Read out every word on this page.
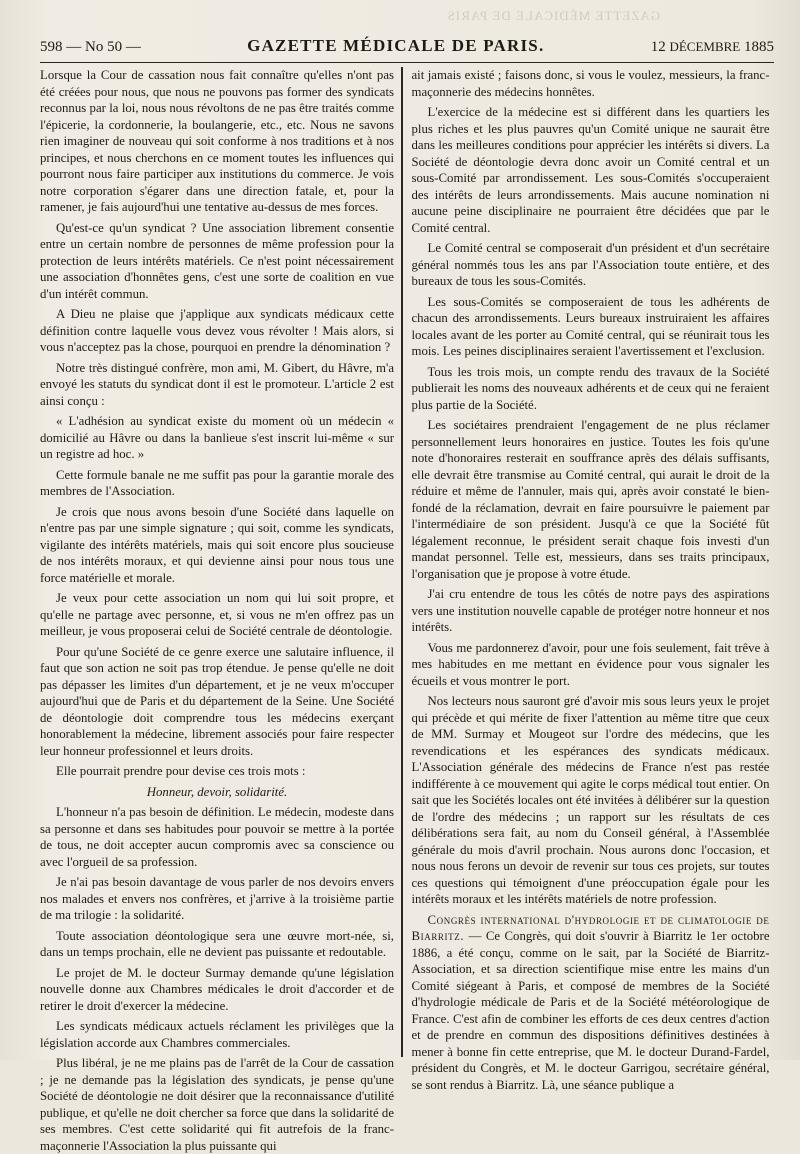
GAZETTE MÉDICALE DE PARIS
598 — No 50 —	GAZETTE MÉDICALE DE PARIS.	12 DÉCEMBRE 1885

Lorsque la Cour de cassation nous fait connaître qu'elles n'ont pas été créées pour nous, que nous ne pouvons pas former des syndicats reconnus par la loi, nous nous révoltons de ne pas être traités comme l'épicerie, la cordonnerie, la boulangerie, etc., etc. Nous ne savons rien imaginer de nouveau qui soit conforme à nos traditions et à nos principes, et nous cherchons en ce moment toutes les influences qui pourront nous faire participer aux institutions du commerce. Je vois notre corporation s'égarer dans une direction fatale, et, pour la ramener, je fais aujourd'hui une tentative au-dessus de mes forces.

Qu'est-ce qu'un syndicat ? Une association librement consentie entre un certain nombre de personnes de même profession pour la protection de leurs intérêts matériels. Ce n'est point nécessairement une association d'honnêtes gens, c'est une sorte de coalition en vue d'un intérêt commun.

A Dieu ne plaise que j'applique aux syndicats médicaux cette définition contre laquelle vous devez vous révolter ! Mais alors, si vous n'acceptez pas la chose, pourquoi en prendre la dénomination ?

Notre très distingué confrère, mon ami, M. Gibert, du Hâvre, m'a envoyé les statuts du syndicat dont il est le promoteur. L'article 2 est ainsi conçu :

« L'adhésion au syndicat existe du moment où un médecin « domicilié au Hâvre ou dans la banlieue s'est inscrit lui-même « sur un registre ad hoc. »

Cette formule banale ne me suffit pas pour la garantie morale des membres de l'Association.

Je crois que nous avons besoin d'une Société dans laquelle on n'entre pas par une simple signature ; qui soit, comme les syndicats, vigilante des intérêts matériels, mais qui soit encore plus soucieuse de nos intérêts moraux, et qui devienne ainsi pour nous tous une force matérielle et morale.

Je veux pour cette association un nom qui lui soit propre, et qu'elle ne partage avec personne, et, si vous ne m'en offrez pas un meilleur, je vous proposerai celui de Société centrale de déontologie.

Pour qu'une Société de ce genre exerce une salutaire influence, il faut que son action ne soit pas trop étendue. Je pense qu'elle ne doit pas dépasser les limites d'un département, et je ne veux m'occuper aujourd'hui que de Paris et du département de la Seine. Une Société de déontologie doit comprendre tous les médecins exerçant honorablement la médecine, librement associés pour faire respecter leur honneur professionnel et leurs droits.

Elle pourrait prendre pour devise ces trois mots :

Honneur, devoir, solidarité.

L'honneur n'a pas besoin de définition. Le médecin, modeste dans sa personne et dans ses habitudes pour pouvoir se mettre à la portée de tous, ne doit accepter aucun compromis avec sa conscience ou avec l'orgueil de sa profession.

Je n'ai pas besoin davantage de vous parler de nos devoirs envers nos malades et envers nos confrères, et j'arrive à la troisième partie de ma trilogie : la solidarité.

Toute association déontologique sera une œuvre mort-née, si, dans un temps prochain, elle ne devient pas puissante et redoutable.

Le projet de M. le docteur Surmay demande qu'une législation nouvelle donne aux Chambres médicales le droit d'accorder et de retirer le droit d'exercer la médecine.

Les syndicats médicaux actuels réclament les privilèges que la législation accorde aux Chambres commerciales.

Plus libéral, je ne me plains pas de l'arrêt de la Cour de cassation ; je ne demande pas la législation des syndicats, je pense qu'une Société de déontologie ne doit désirer que la reconnaissance d'utilité publique, et qu'elle ne doit chercher sa force que dans la solidarité de ses membres. C'est cette solidarité qui fit autrefois de la franc-maçonnerie l'Association la plus puissante qui

ait jamais existé ; faisons donc, si vous le voulez, messieurs, la franc-maçonnerie des médecins honnêtes.

L'exercice de la médecine est si différent dans les quartiers les plus riches et les plus pauvres qu'un Comité unique ne saurait être dans les meilleures conditions pour apprécier les intérêts si divers. La Société de déontologie devra donc avoir un Comité central et un sous-Comité par arrondissement. Les sous-Comités s'occuperaient des intérêts de leurs arrondissements. Mais aucune nomination ni aucune peine disciplinaire ne pourraient être décidées que par le Comité central.

Le Comité central se composerait d'un président et d'un secrétaire général nommés tous les ans par l'Association toute entière, et des bureaux de tous les sous-Comités.

Les sous-Comités se composeraient de tous les adhérents de chacun des arrondissements. Leurs bureaux instruiraient les affaires locales avant de les porter au Comité central, qui se réunirait tous les mois. Les peines disciplinaires seraient l'avertissement et l'exclusion.

Tous les trois mois, un compte rendu des travaux de la Société publierait les noms des nouveaux adhérents et de ceux qui ne feraient plus partie de la Société.

Les sociétaires prendraient l'engagement de ne plus réclamer personnellement leurs honoraires en justice. Toutes les fois qu'une note d'honoraires resterait en souffrance après des délais suffisants, elle devrait être transmise au Comité central, qui aurait le droit de la réduire et même de l'annuler, mais qui, après avoir constaté le bien-fondé de la réclamation, devrait en faire poursuivre le paiement par l'intermédiaire de son président. Jusqu'à ce que la Société fût légalement reconnue, le président serait chaque fois investi d'un mandat personnel. Telle est, messieurs, dans ses traits principaux, l'organisation que je propose à votre étude.

J'ai cru entendre de tous les côtés de notre pays des aspirations vers une institution nouvelle capable de protéger notre honneur et nos intérêts.

Vous me pardonnerez d'avoir, pour une fois seulement, fait trêve à mes habitudes en me mettant en évidence pour vous signaler les écueils et vous montrer le port.

Nos lecteurs nous sauront gré d'avoir mis sous leurs yeux le projet qui précède et qui mérite de fixer l'attention au même titre que ceux de MM. Surmay et Mougeot sur l'ordre des médecins, que les revendications et les espérances des syndicats médicaux. L'Association générale des médecins de France n'est pas restée indifférente à ce mouvement qui agite le corps médical tout entier. On sait que les Sociétés locales ont été invitées à délibérer sur la question de l'ordre des médecins ; un rapport sur les résultats de ces délibérations sera fait, au nom du Conseil général, à l'Assemblée générale du mois d'avril prochain. Nous aurons donc l'occasion, et nous nous ferons un devoir de revenir sur tous ces projets, sur toutes ces questions qui témoignent d'une préoccupation égale pour les intérêts moraux et les intérêts matériels de notre profession.

Congrès international d'hydrologie et de climatologie de Biarritz. — Ce Congrès, qui doit s'ouvrir à Biarritz le 1er octobre 1886, a été conçu, comme on le sait, par la Société de Biarritz-Association, et sa direction scientifique mise entre les mains d'un Comité siégeant à Paris, et composé de membres de la Société d'hydrologie médicale de Paris et de la Société météorologique de France. C'est afin de combiner les efforts de ces deux centres d'action et de prendre en commun des dispositions définitives destinées à mener à bonne fin cette entreprise, que M. le docteur Durand-Fardel, président du Congrès, et M. le docteur Garrigou, secrétaire général, se sont rendus à Biarritz. Là, une séance publique a
